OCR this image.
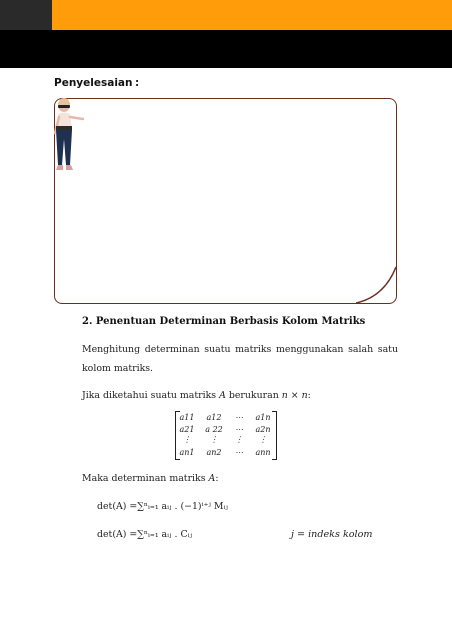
Penyelesaian :
2. Penentuan Determinan Berbasis Kolom Matriks
Menghitung determinan suatu matriks menggunakan salah satu kolom matriks.
Jika diketahui suatu matriks A berukuran n × n:
a11	a12	⋯	a1n
a21	a 22	⋯	a2n
⋮	⋮	⋮	⋮
an1	an2	⋯	ann
Maka determinan matriks A:
det(A) =∑ⁿᵢ₌₁ aᵢⱼ . (−1)ⁱ⁺ʲ Mᵢⱼ
det(A) =∑ⁿᵢ₌₁ aᵢⱼ . Cᵢⱼ	j = indeks kolom
